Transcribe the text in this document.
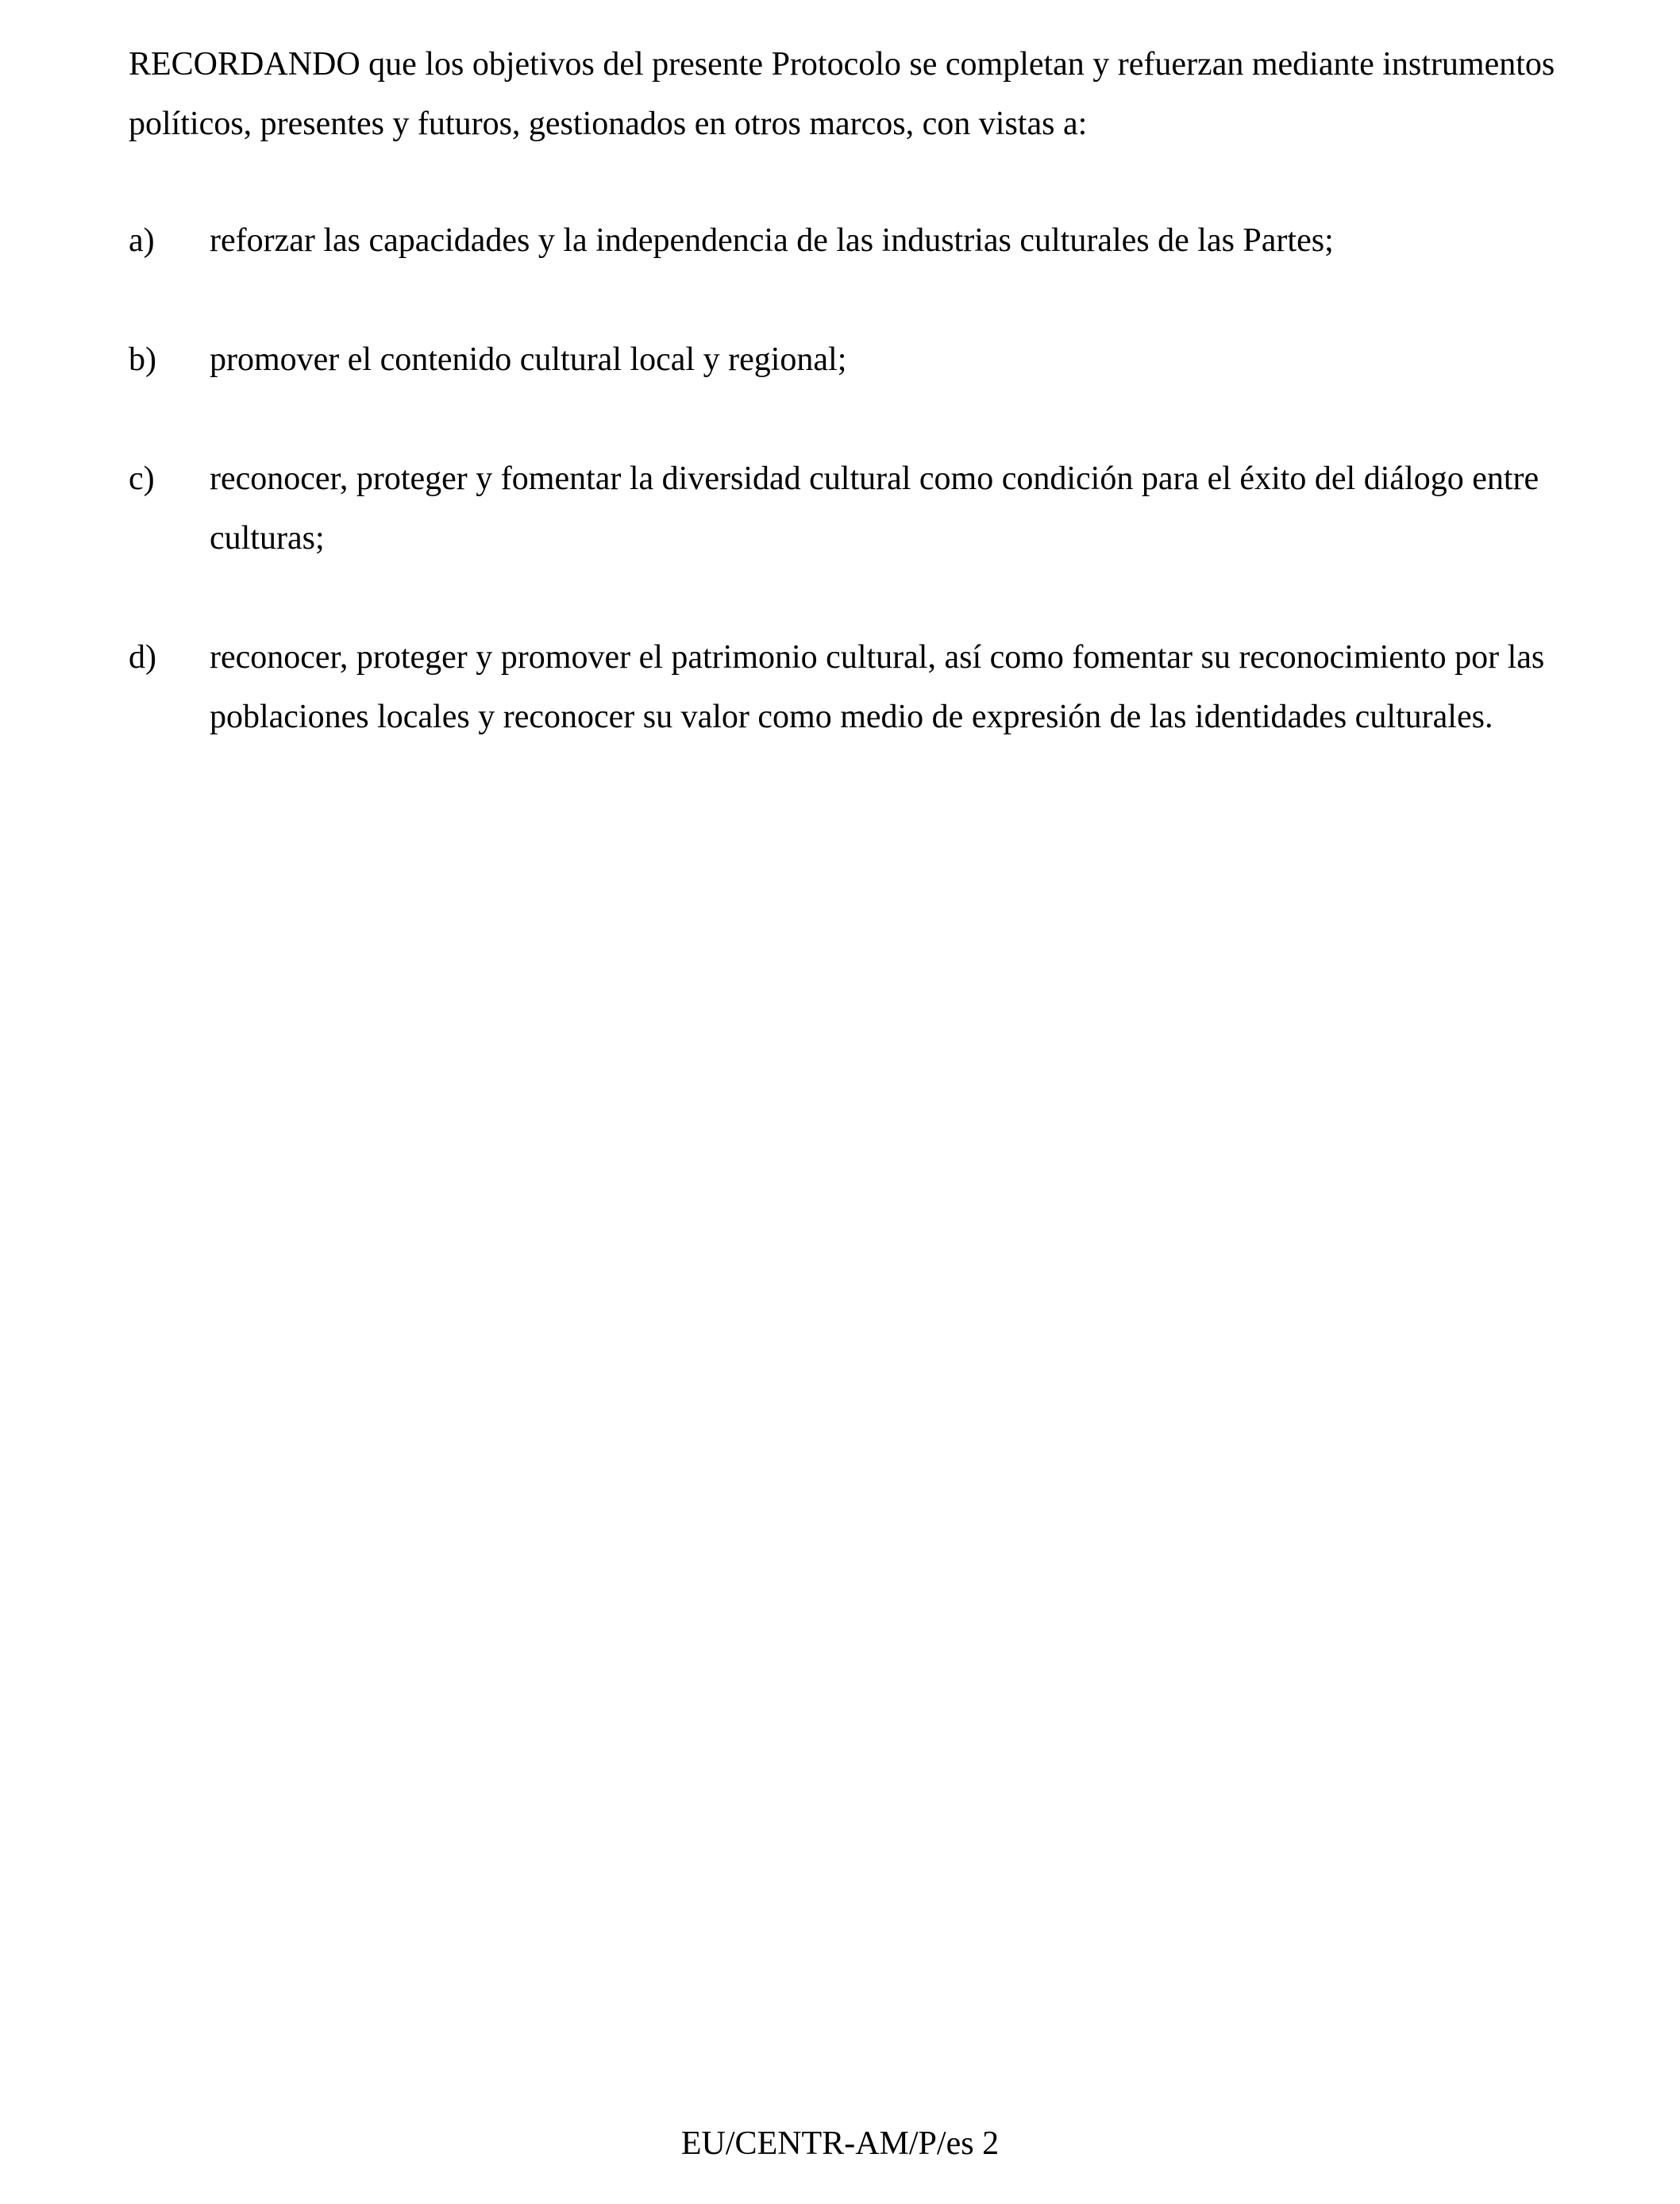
RECORDANDO que los objetivos del presente Protocolo se completan y refuerzan mediante instrumentos políticos, presentes y futuros, gestionados en otros marcos, con vistas a:

a)	reforzar las capacidades y la independencia de las industrias culturales de las Partes;
b)	promover el contenido cultural local y regional;
c)	reconocer, proteger y fomentar la diversidad cultural como condición para el éxito del diálogo entre culturas;
d)	reconocer, proteger y promover el patrimonio cultural, así como fomentar su reconocimiento por las poblaciones locales y reconocer su valor como medio de expresión de las identidades culturales.
EU/CENTR-AM/P/es 2
